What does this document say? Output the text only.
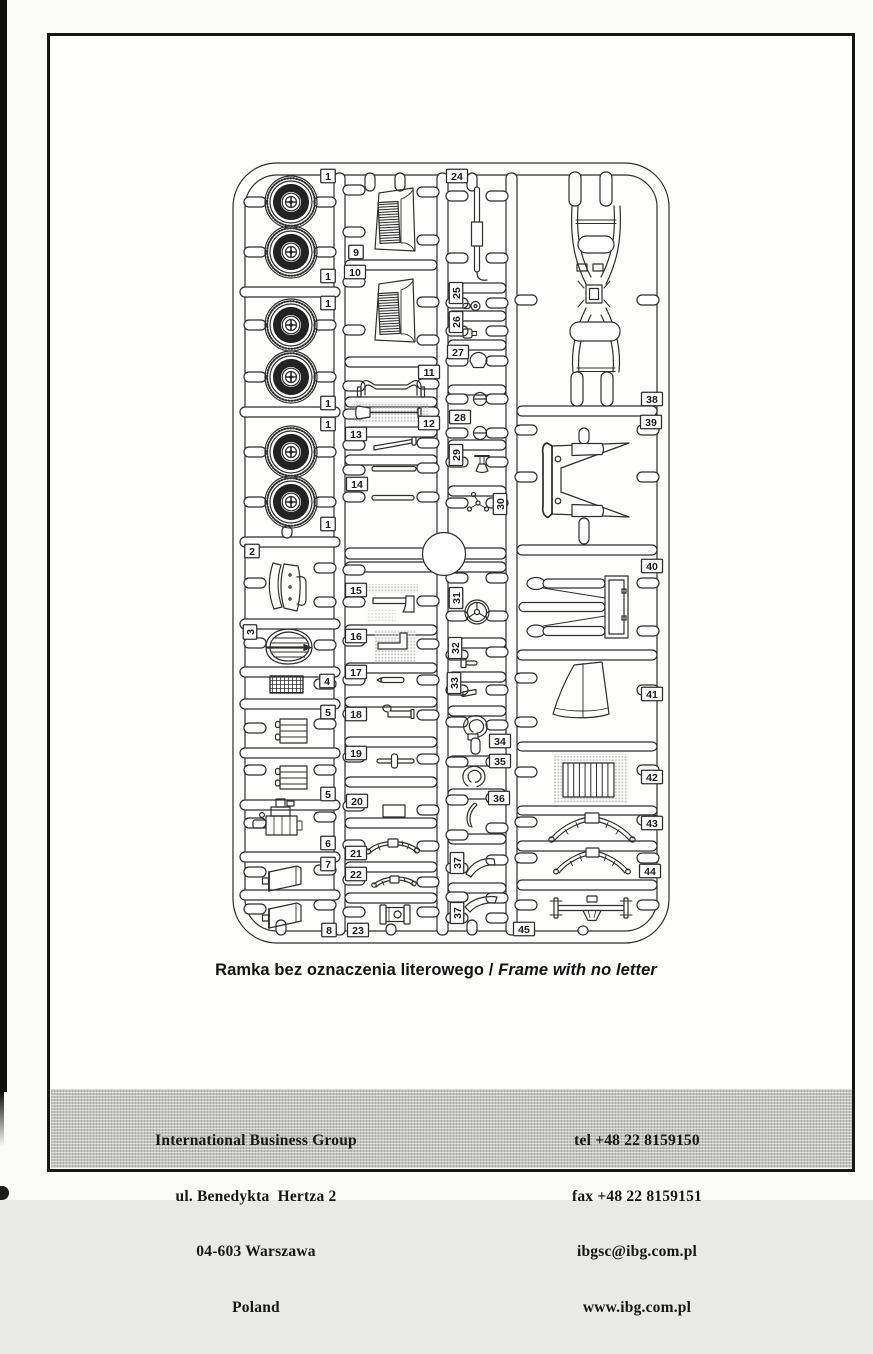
1
1
1
1
1
1
2
3
4
5
5
6
7
8
9
10
11
12
13
14
15
16
17
18
19
20
21
22
23
24
25
26
27
28
29
30
31
32
33
34
35
36
37
37
38
39
40
41
42
43
44
45
Ramka bez oznaczenia literowego / Frame with no letter

International Business Group

ul. Benedykta  Hertza 2

04-603 Warszawa

Poland

tel +48 22 8159150

fax +48 22 8159151

ibgsc@ibg.com.pl

www.ibg.com.pl
